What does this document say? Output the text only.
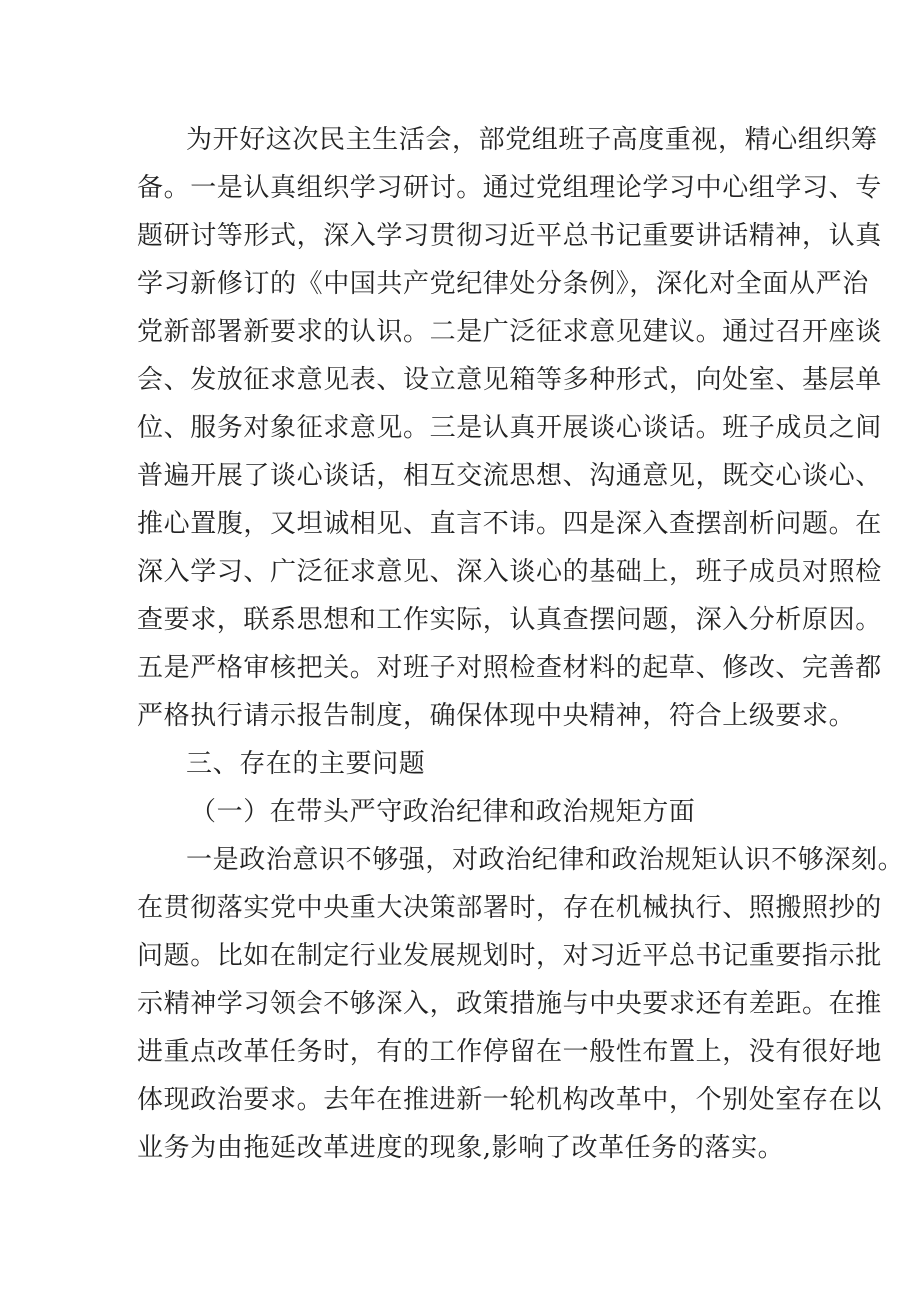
为开好这次民主生活会，部党组班子高度重视，精心组织筹
备。一是认真组织学习研讨。通过党组理论学习中心组学习、专
题研讨等形式，深入学习贯彻习近平总书记重要讲话精神，认真
学习新修订的《中国共产党纪律处分条例》，深化对全面从严治
党新部署新要求的认识。二是广泛征求意见建议。通过召开座谈
会、发放征求意见表、设立意见箱等多种形式，向处室、基层单
位、服务对象征求意见。三是认真开展谈心谈话。班子成员之间
普遍开展了谈心谈话，相互交流思想、沟通意见，既交心谈心、
推心置腹，又坦诚相见、直言不讳。四是深入查摆剖析问题。在
深入学习、广泛征求意见、深入谈心的基础上，班子成员对照检
查要求，联系思想和工作实际，认真查摆问题，深入分析原因。
五是严格审核把关。对班子对照检查材料的起草、修改、完善都
严格执行请示报告制度，确保体现中央精神，符合上级要求。
三、存在的主要问题
（一）在带头严守政治纪律和政治规矩方面
一是政治意识不够强，对政治纪律和政治规矩认识不够深刻。
在贯彻落实党中央重大决策部署时，存在机械执行、照搬照抄的
问题。比如在制定行业发展规划时，对习近平总书记重要指示批
示精神学习领会不够深入，政策措施与中央要求还有差距。在推
进重点改革任务时，有的工作停留在一般性布置上，没有很好地
体现政治要求。去年在推进新一轮机构改革中，个别处室存在以
业务为由拖延改革进度的现象,影响了改革任务的落实。
